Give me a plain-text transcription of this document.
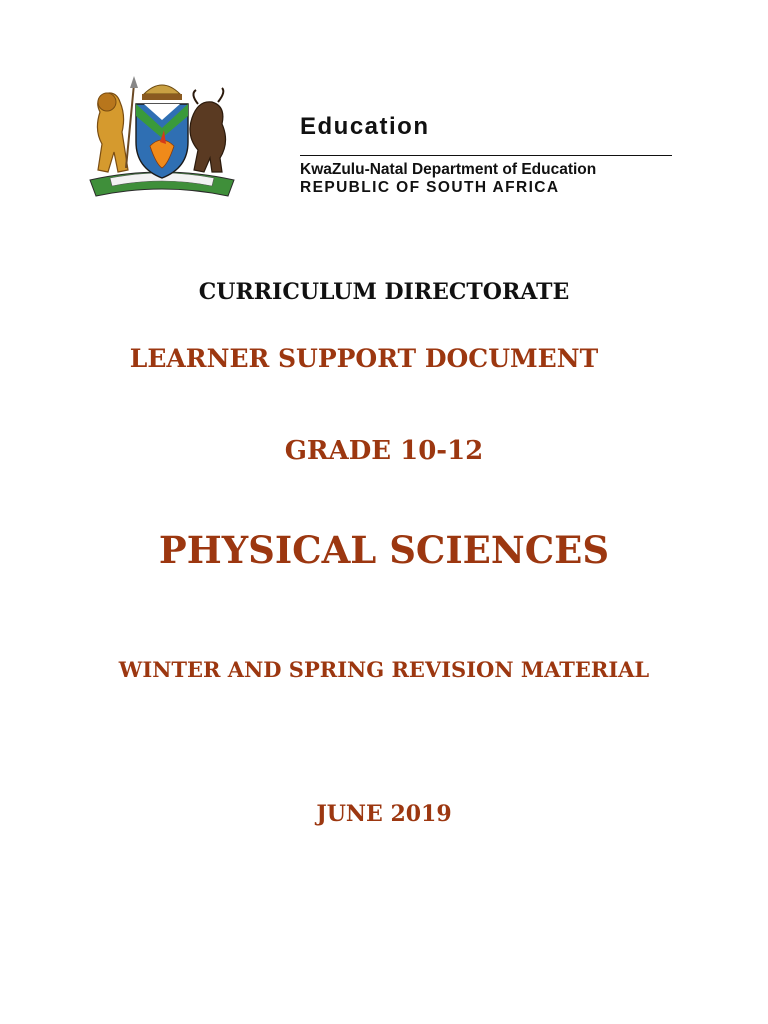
Education
KwaZulu-Natal Department of Education
REPUBLIC OF SOUTH AFRICA
CURRICULUM DIRECTORATE
LEARNER SUPPORT DOCUMENT
GRADE 10-12
PHYSICAL SCIENCES
WINTER AND SPRING REVISION MATERIAL
JUNE 2019
